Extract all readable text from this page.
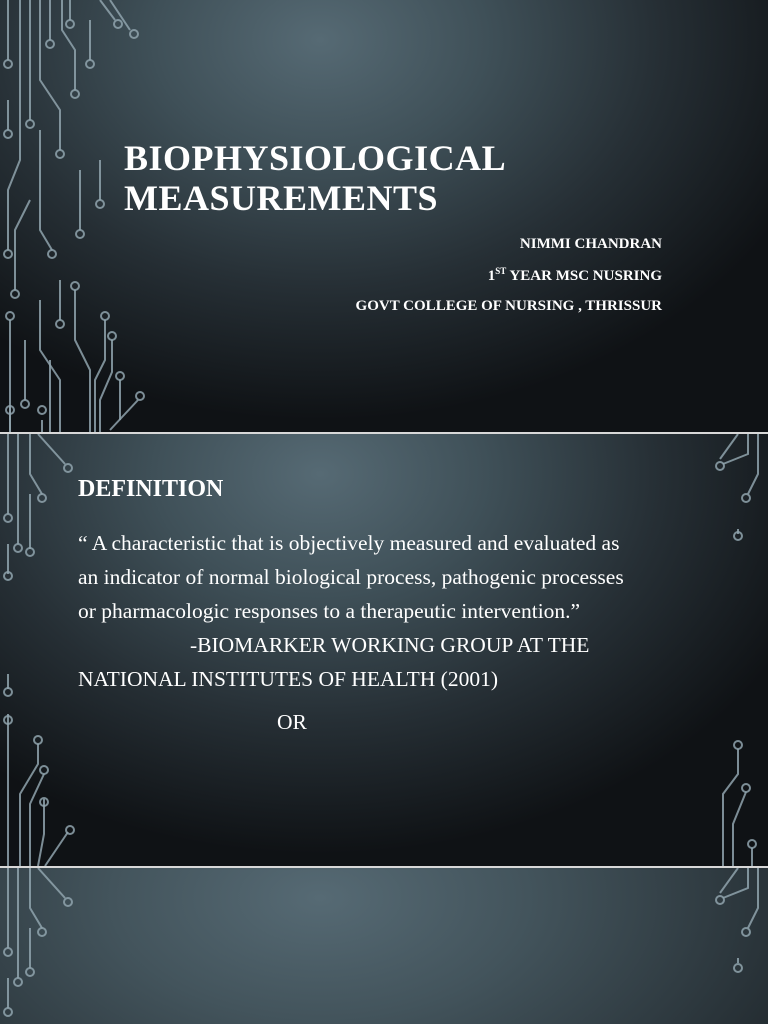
BIOPHYSIOLOGICAL
MEASUREMENTS
NIMMI CHANDRAN
1ST YEAR MSC NUSRING
GOVT COLLEGE OF NURSING , THRISSUR
DEFINITION
“ A characteristic that is objectively measured and evaluated as
an indicator of normal biological process, pathogenic processes
or pharmacologic responses to a therapeutic intervention.”
-BIOMARKER WORKING GROUP AT THE
NATIONAL INSTITUTES OF HEALTH (2001)
OR
